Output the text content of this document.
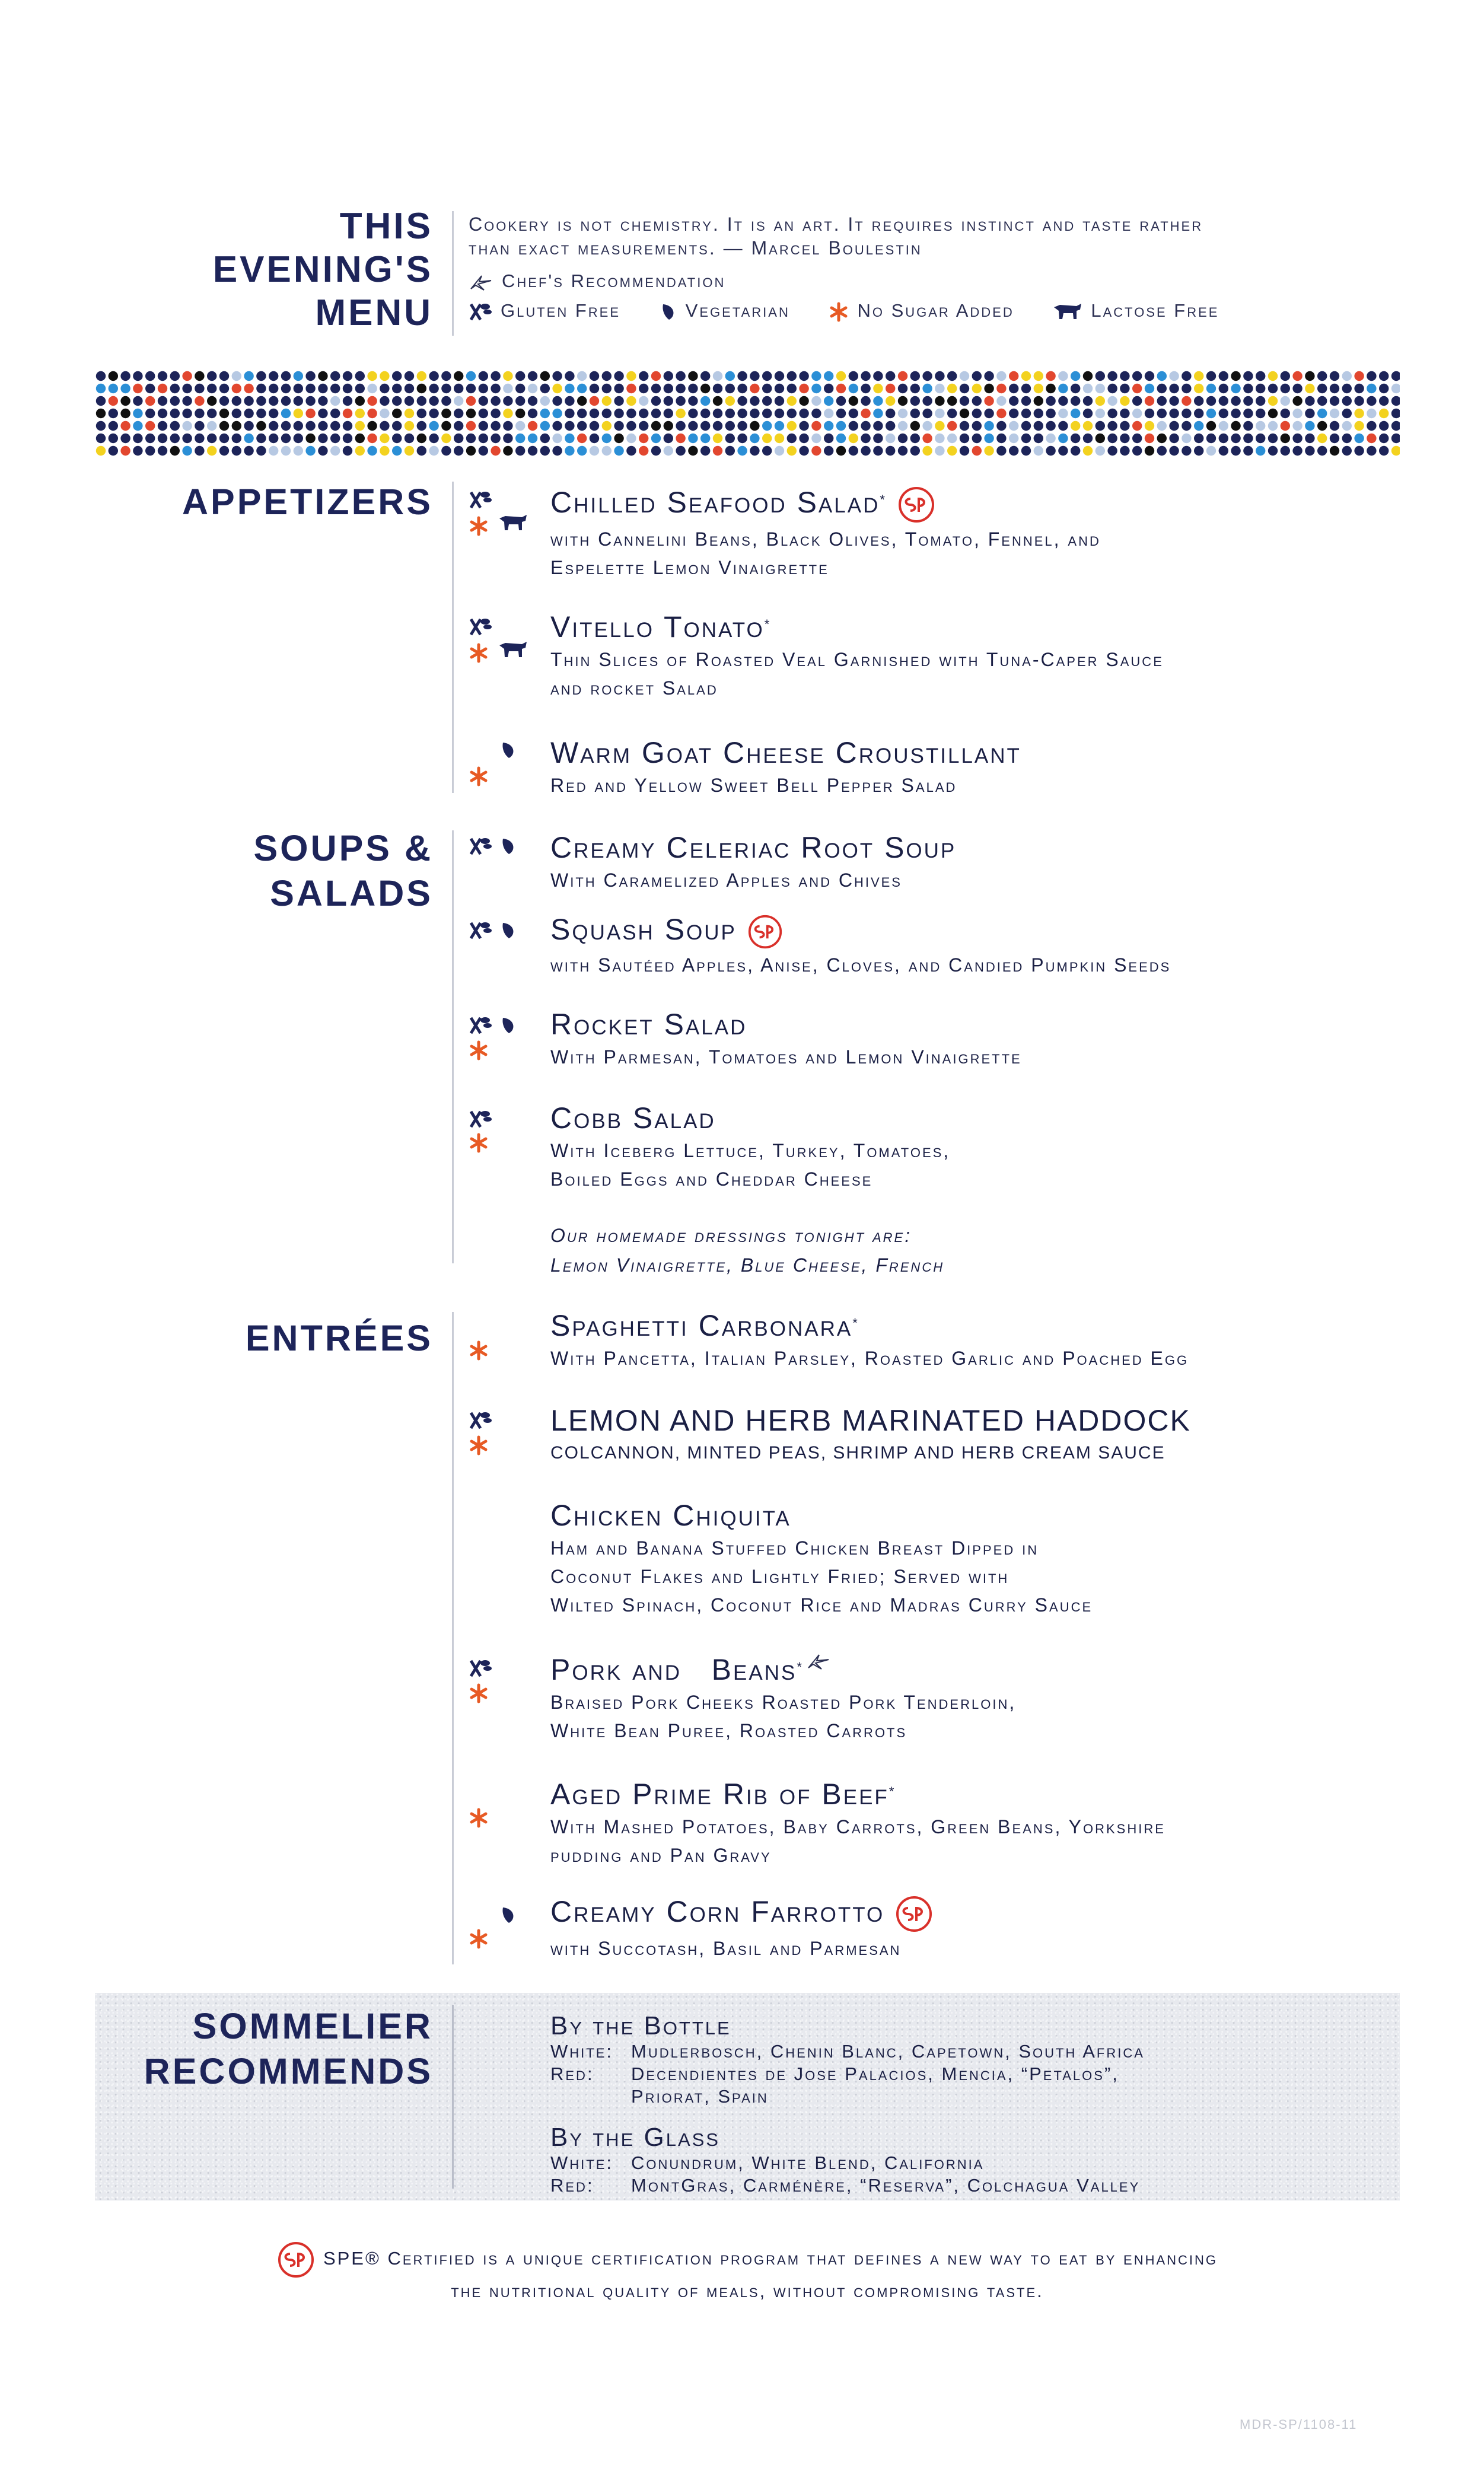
THIS
EVENING'S
MENU
Cookery is not chemistry. It is an art. It requires instinct and taste rather
than exact measurements. — Marcel Boulestin
Chef's Recommendation
Gluten Free	Vegetarian	No Sugar Added	Lactose Free
APPETIZERS	Chilled Seafood Salad*
with Cannelini Beans, Black Olives, Tomato, Fennel, and
Espelette Lemon Vinaigrette
Vitello Tonato*
Thin Slices of Roasted Veal Garnished with Tuna-Caper Sauce
and rocket Salad
Warm Goat Cheese Croustillant
Red and Yellow Sweet Bell Pepper Salad
SOUPS &
SALADS
Creamy Celeriac Root Soup
With Caramelized Apples and Chives
Squash Soup
with Sautéed Apples, Anise, Cloves, and Candied Pumpkin Seeds
Rocket Salad
With Parmesan, Tomatoes and Lemon Vinaigrette
Cobb Salad
With Iceberg Lettuce, Turkey, Tomatoes,
Boiled Eggs and Cheddar Cheese
Our homemade dressings tonight are:
Lemon Vinaigrette, Blue Cheese, French
ENTRÉES	Spaghetti Carbonara*
With Pancetta, Italian Parsley, Roasted Garlic and Poached Egg
LEMON AND HERB MARINATED HADDOCK
COLCANNON, MINTED PEAS, SHRIMP AND HERB CREAM SAUCE
Chicken Chiquita
Ham and Banana Stuffed Chicken Breast Dipped in
Coconut Flakes and Lightly Fried; Served with
Wilted Spinach, Coconut Rice and Madras Curry Sauce
Pork and   Beans*
Braised Pork Cheeks Roasted Pork Tenderloin,
White Bean Puree, Roasted Carrots
Aged Prime Rib of Beef*
With Mashed Potatoes, Baby Carrots, Green Beans, Yorkshire
pudding and Pan Gravy
Creamy Corn Farrotto
with Succotash, Basil and Parmesan
SOMMELIER
RECOMMENDS
By the Bottle
White: Mudlerbosch, Chenin Blanc, Capetown, South Africa
Red: Decendientes de Jose Palacios, Mencia, “Petalos”,
Priorat, Spain
By the Glass
White: Conundrum, White Blend, California
Red: MontGras, Carménère, “Reserva”, Colchagua Valley
SPE® Certified is a unique certification program that defines a new way to eat by enhancing
the nutritional quality of meals, without compromising taste.
MDR-SP/1108-11
